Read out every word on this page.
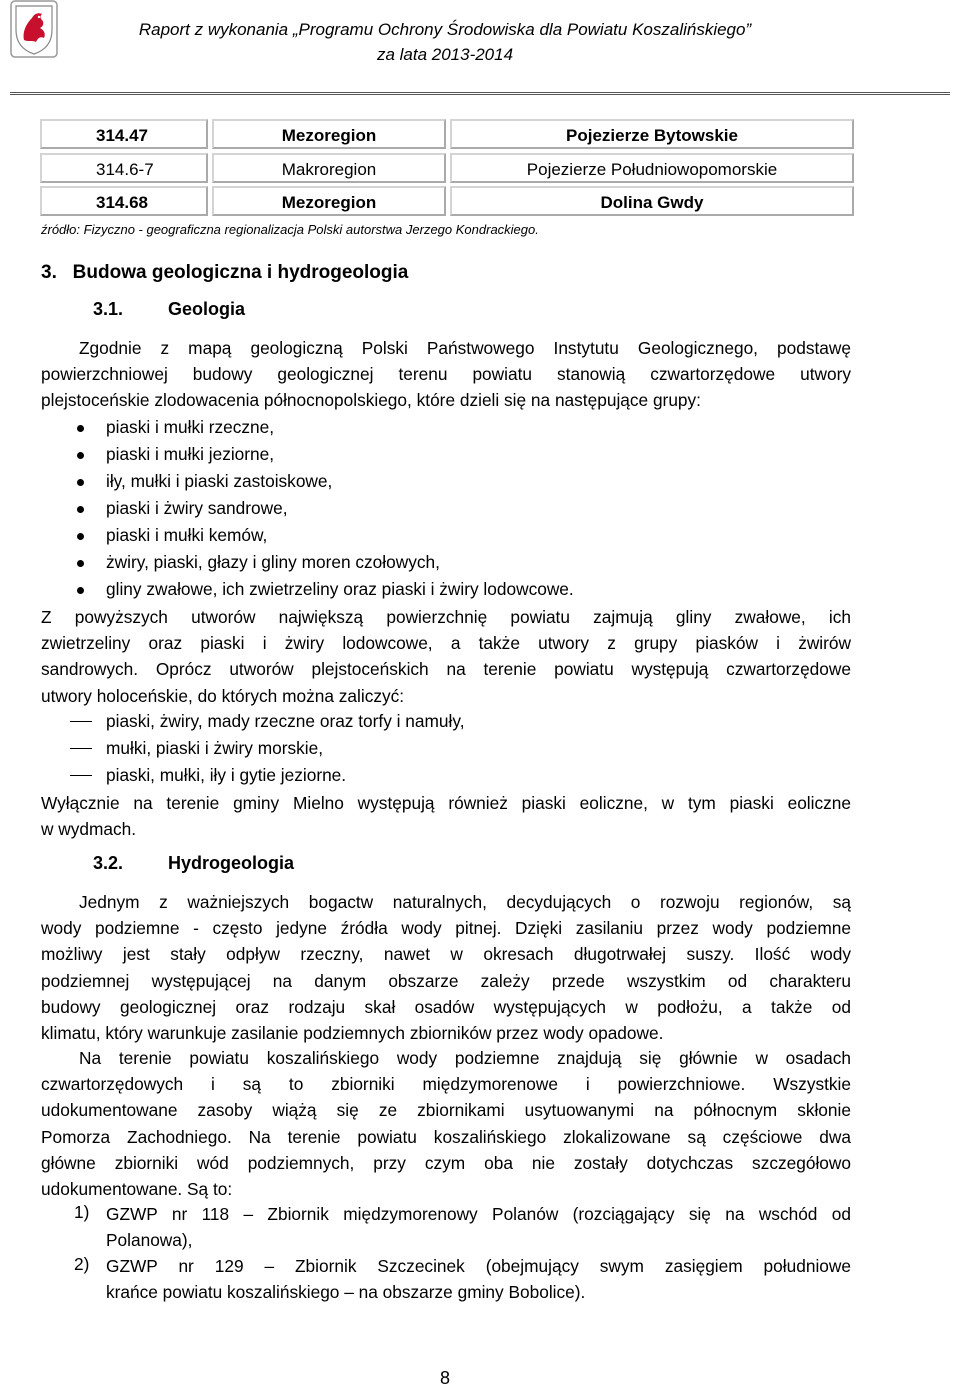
Raport z wykonania „Programu Ochrony Środowiska dla Powiatu Koszalińskiego”
za lata 2013-2014
314.47	Mezoregion	Pojezierze Bytowskie
314.6-7	Makroregion	Pojezierze Południowopomorskie
314.68	Mezoregion	Dolina Gwdy
źródło: Fizyczno - geograficzna regionalizacja Polski autorstwa Jerzego Kondrackiego.
3.   Budowa geologiczna i hydrogeologia
3.1. Geologia
Zgodnie z mapą geologiczną Polski Państwowego Instytutu Geologicznego, podstawę
powierzchniowej budowy geologicznej terenu powiatu stanowią czwartorzędowe utwory
plejstoceńskie zlodowacenia północnopolskiego, które dzieli się na następujące grupy:
piaski i mułki rzeczne,
piaski i mułki jeziorne,
iły, mułki i piaski zastoiskowe,
piaski i żwiry sandrowe,
piaski i mułki kemów,
żwiry, piaski, głazy i gliny moren czołowych,
gliny zwałowe, ich zwietrzeliny oraz piaski i żwiry lodowcowe.
Z powyższych utworów największą powierzchnię powiatu zajmują gliny zwałowe, ich
zwietrzeliny oraz piaski i żwiry lodowcowe, a także utwory z grupy piasków i żwirów
sandrowych. Oprócz utworów plejstoceńskich na terenie powiatu występują czwartorzędowe
utwory holoceńskie, do których można zaliczyć:
piaski, żwiry, mady rzeczne oraz torfy i namuły,
mułki, piaski i żwiry morskie,
piaski, mułki, iły i gytie jeziorne.
Wyłącznie na terenie gminy Mielno występują również piaski eoliczne, w tym piaski eoliczne
w wydmach.
3.2. Hydrogeologia
Jednym z ważniejszych bogactw naturalnych, decydujących o rozwoju regionów, są
wody podziemne - często jedyne źródła wody pitnej. Dzięki zasilaniu przez wody podziemne
możliwy jest stały odpływ rzeczny, nawet w okresach długotrwałej suszy. Ilość wody
podziemnej występującej na danym obszarze zależy przede wszystkim od charakteru
budowy geologicznej oraz rodzaju skał osadów występujących w podłożu, a także od
klimatu, który warunkuje zasilanie podziemnych zbiorników przez wody opadowe.
Na terenie powiatu koszalińskiego wody podziemne znajdują się głównie w osadach
czwartorzędowych i są to zbiorniki międzymorenowe i powierzchniowe. Wszystkie
udokumentowane zasoby wiążą się ze zbiornikami usytuowanymi na północnym skłonie
Pomorza Zachodniego. Na terenie powiatu koszalińskiego zlokalizowane są częściowe dwa
główne zbiorniki wód podziemnych, przy czym oba nie zostały dotychczas szczegółowo
udokumentowane. Są to:
1) GZWP nr 118 – Zbiornik międzymorenowy Polanów (rozciągający się na wschód od
Polanowa),
2) GZWP nr 129 – Zbiornik Szczecinek (obejmujący swym zasięgiem południowe
krańce powiatu koszalińskiego – na obszarze gminy Bobolice).
8
